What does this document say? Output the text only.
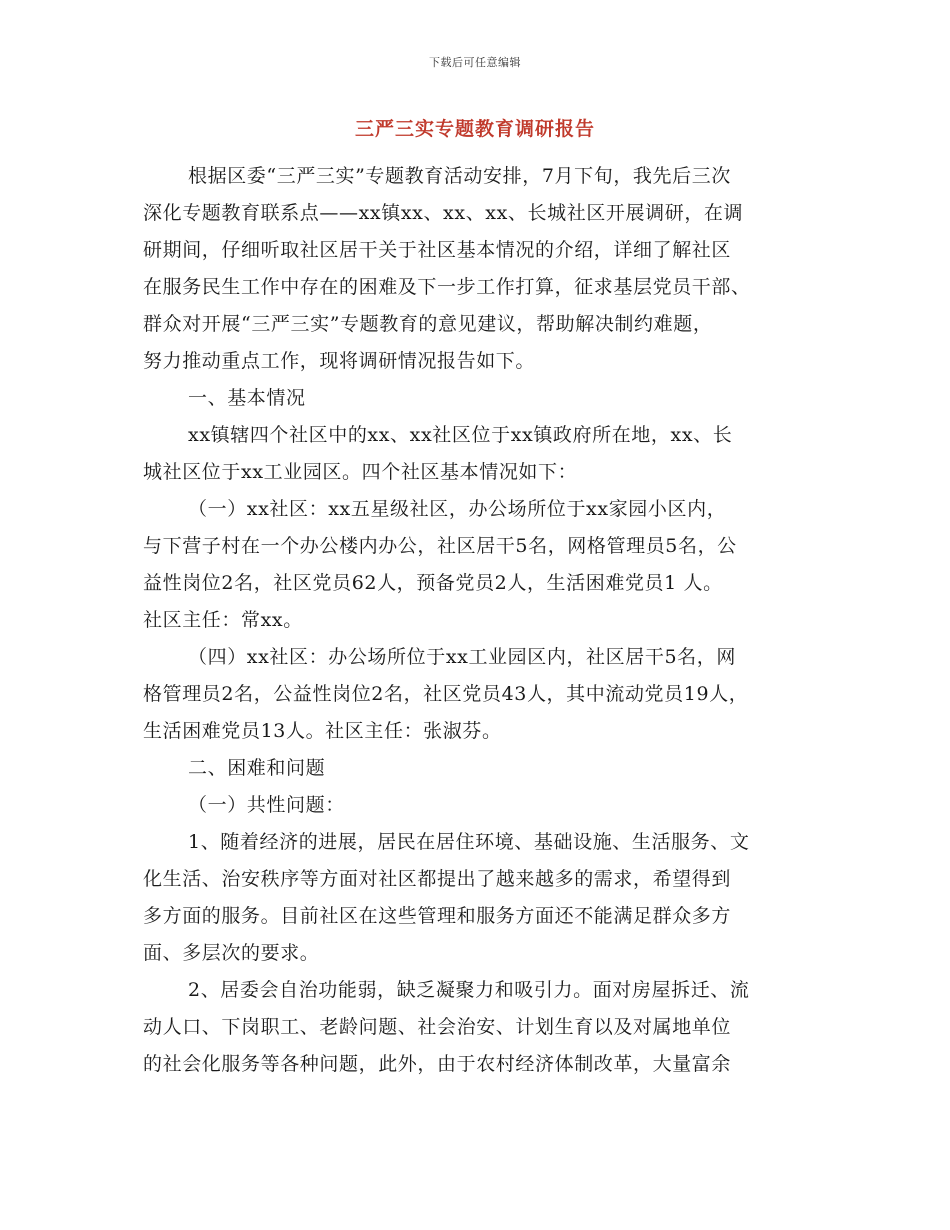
下载后可任意编辑
三严三实专题教育调研报告
根据区委“三严三实”专题教育活动安排，7月下旬，我先后三次
深化专题教育联系点——xx镇xx、xx、xx、长城社区开展调研，在调
研期间，仔细听取社区居干关于社区基本情况的介绍，详细了解社区
在服务民生工作中存在的困难及下一步工作打算，征求基层党员干部、
群众对开展“三严三实”专题教育的意见建议，帮助解决制约难题，
努力推动重点工作，现将调研情况报告如下。
一、基本情况
xx镇辖四个社区中的xx、xx社区位于xx镇政府所在地，xx、长
城社区位于xx工业园区。四个社区基本情况如下：
（一）xx社区：xx五星级社区，办公场所位于xx家园小区内，
与下营子村在一个办公楼内办公，社区居干5名，网格管理员5名，公
益性岗位2名，社区党员62人，预备党员2人，生活困难党员1 人。
社区主任：常xx。
（四）xx社区：办公场所位于xx工业园区内，社区居干5名，网
格管理员2名，公益性岗位2名，社区党员43人，其中流动党员19人，
生活困难党员13人。社区主任：张淑芬。
二、困难和问题
（一）共性问题：
1、随着经济的进展，居民在居住环境、基础设施、生活服务、文
化生活、治安秩序等方面对社区都提出了越来越多的需求，希望得到
多方面的服务。目前社区在这些管理和服务方面还不能满足群众多方
面、多层次的要求。
2、居委会自治功能弱，缺乏凝聚力和吸引力。面对房屋拆迁、流
动人口、下岗职工、老龄问题、社会治安、计划生育以及对属地单位
的社会化服务等各种问题，此外，由于农村经济体制改革，大量富余
